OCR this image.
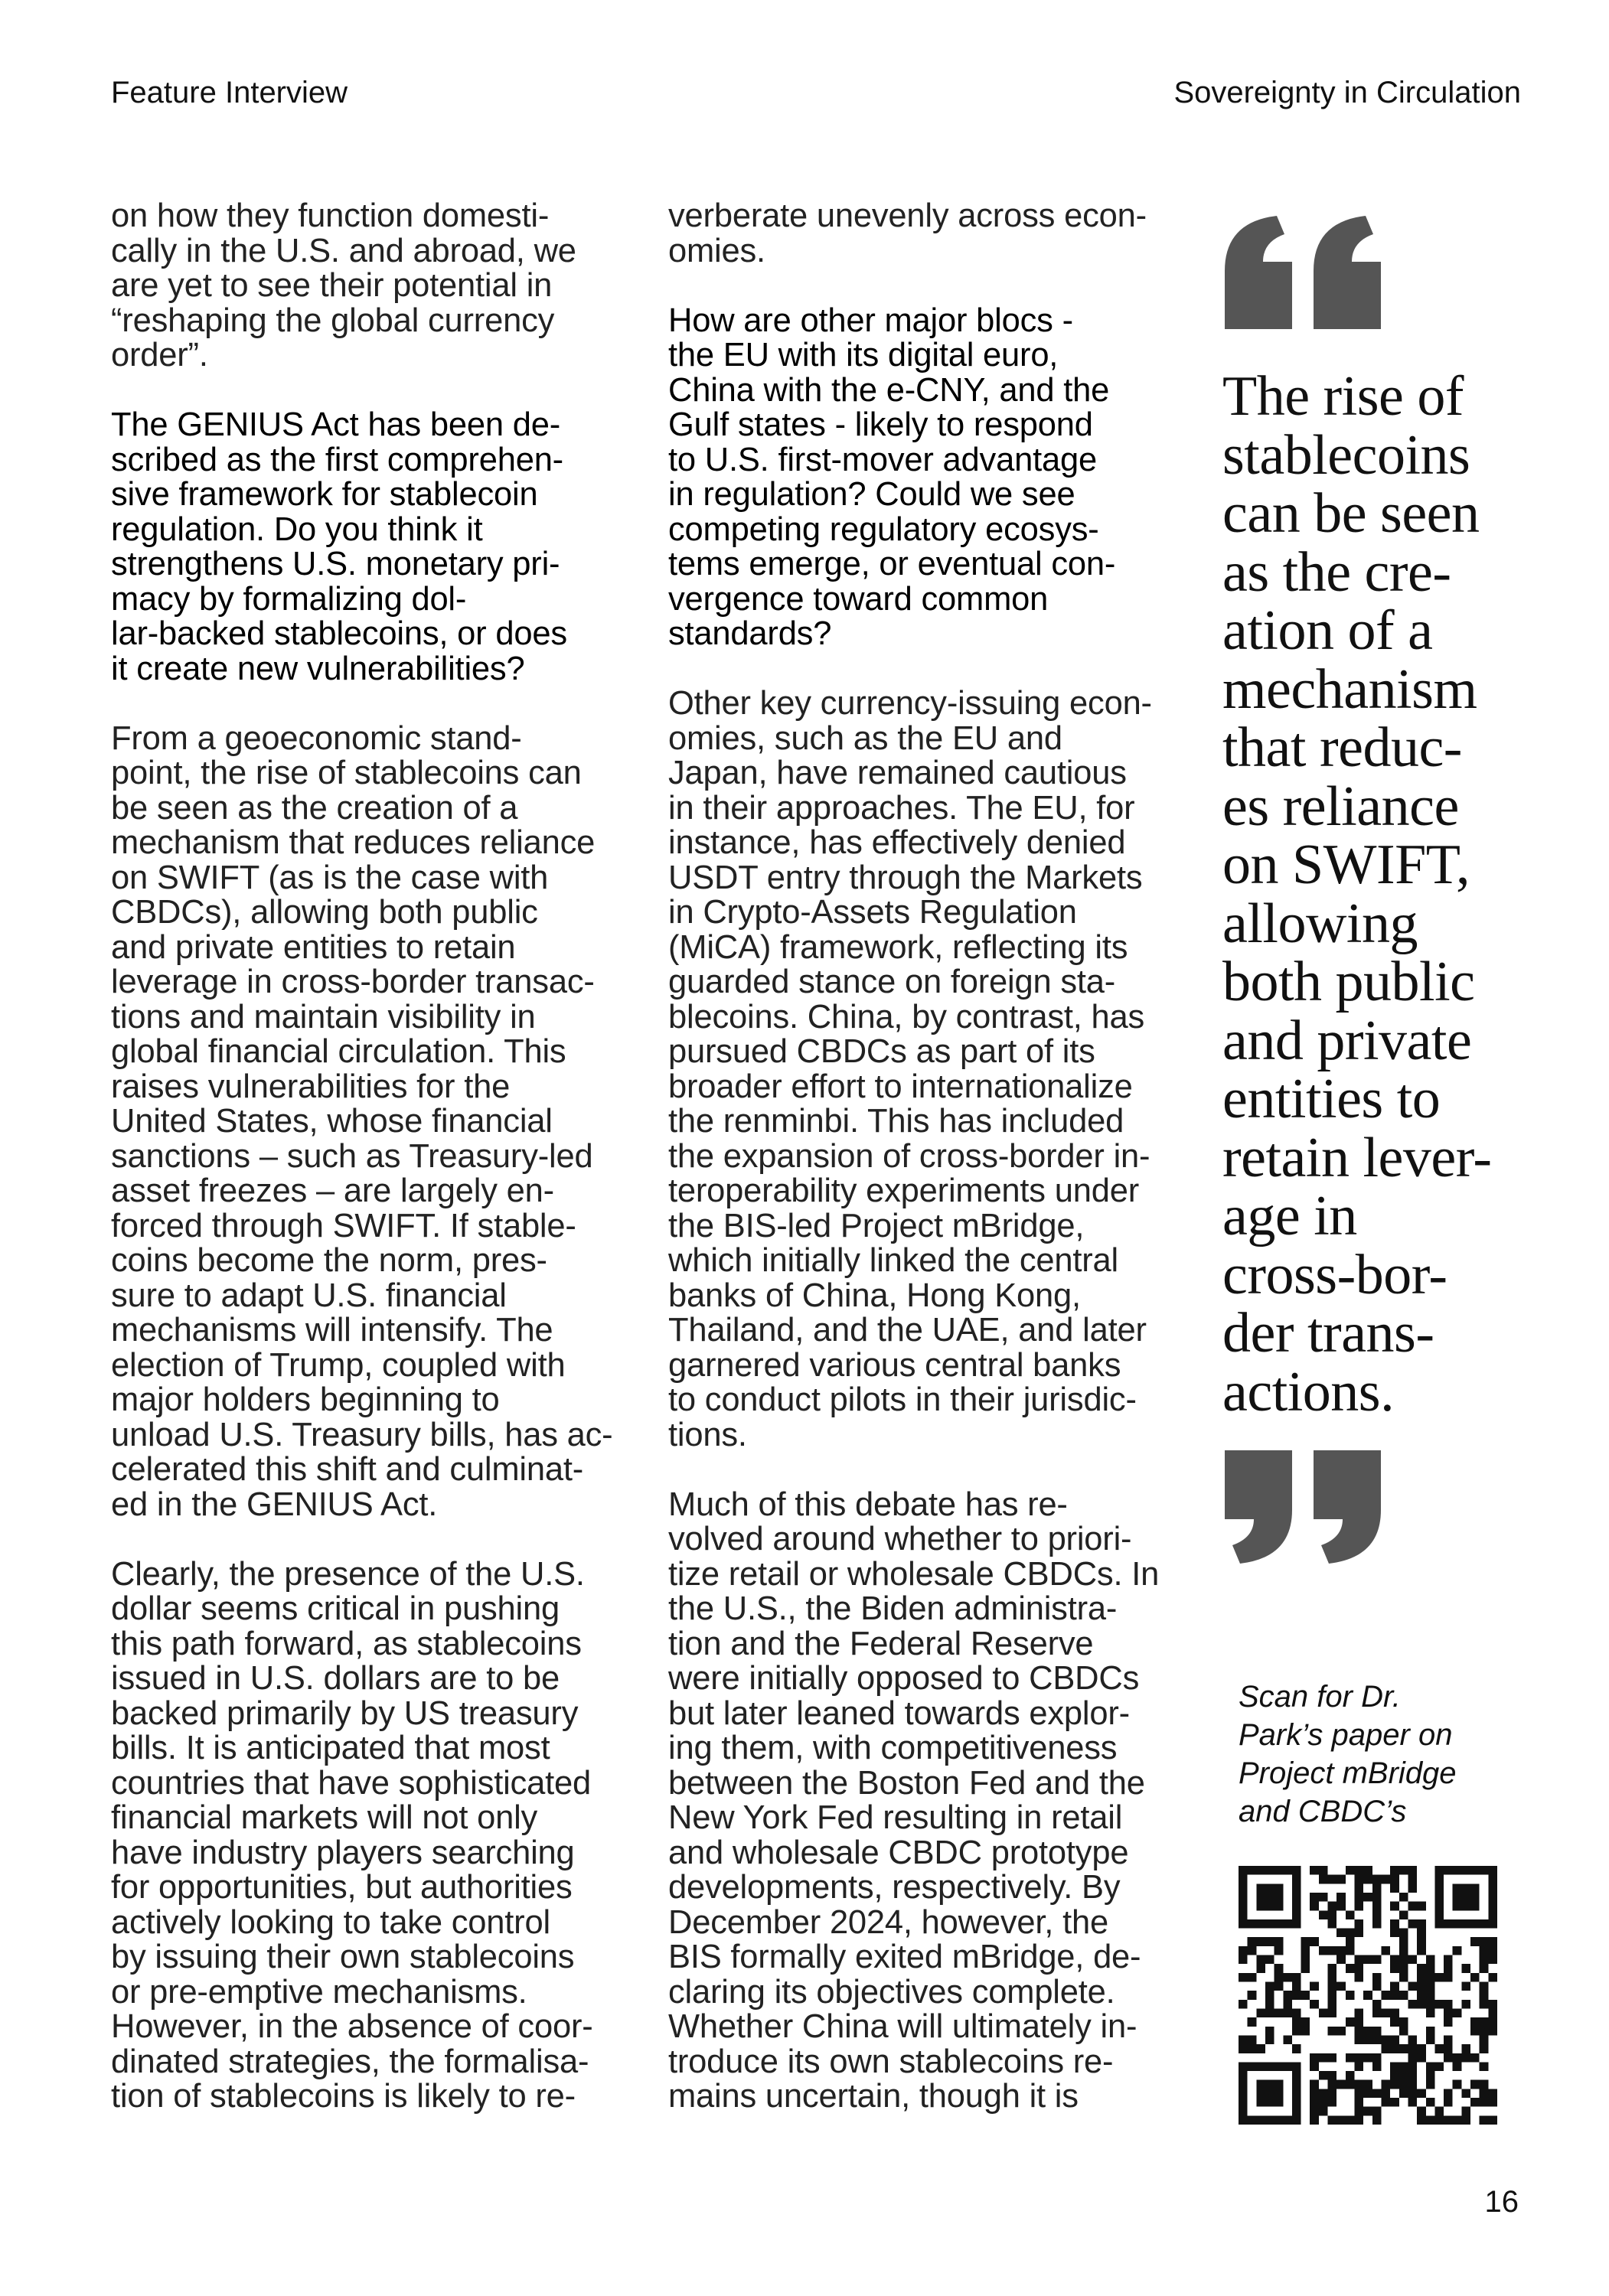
Feature Interview	Sovereignty in Circulation

on how they function domesti-
cally in the U.S. and abroad, we
are yet to see their potential in
“reshaping the global currency
order”.

The GENIUS Act has been de-
scribed as the first comprehen-
sive framework for stablecoin
regulation. Do you think it
strengthens U.S. monetary pri-
macy by formalizing dol-
lar-backed stablecoins, or does
it create new vulnerabilities?

From a geoeconomic stand-
point, the rise of stablecoins can
be seen as the creation of a
mechanism that reduces reliance
on SWIFT (as is the case with
CBDCs), allowing both public
and private entities to retain
leverage in cross-border transac-
tions and maintain visibility in
global financial circulation. This
raises vulnerabilities for the
United States, whose financial
sanctions – such as Treasury-led
asset freezes – are largely en-
forced through SWIFT. If stable-
coins become the norm, pres-
sure to adapt U.S. financial
mechanisms will intensify. The
election of Trump, coupled with
major holders beginning to
unload U.S. Treasury bills, has ac-
celerated this shift and culminat-
ed in the GENIUS Act.

Clearly, the presence of the U.S.
dollar seems critical in pushing
this path forward, as stablecoins
issued in U.S. dollars are to be
backed primarily by US treasury
bills. It is anticipated that most
countries that have sophisticated
financial markets will not only
have industry players searching
for opportunities, but authorities
actively looking to take control
by issuing their own stablecoins
or pre-emptive mechanisms.
However, in the absence of coor-
dinated strategies, the formalisa-
tion of stablecoins is likely to re-

verberate unevenly across econ-
omies.

How are other major blocs -
the EU with its digital euro,
China with the e-CNY, and the
Gulf states - likely to respond
to U.S. first-mover advantage
in regulation? Could we see
competing regulatory ecosys-
tems emerge, or eventual con-
vergence toward common
standards?

Other key currency-issuing econ-
omies, such as the EU and
Japan, have remained cautious
in their approaches. The EU, for
instance, has effectively denied
USDT entry through the Markets
in Crypto-Assets Regulation
(MiCA) framework, reflecting its
guarded stance on foreign sta-
blecoins. China, by contrast, has
pursued CBDCs as part of its
broader effort to internationalize
the renminbi. This has included
the expansion of cross-border in-
teroperability experiments under
the BIS-led Project mBridge,
which initially linked the central
banks of China, Hong Kong,
Thailand, and the UAE, and later
garnered various central banks
to conduct pilots in their jurisdic-
tions.

Much of this debate has re-
volved around whether to priori-
tize retail or wholesale CBDCs. In
the U.S., the Biden administra-
tion and the Federal Reserve
were initially opposed to CBDCs
but later leaned towards explor-
ing them, with competitiveness
between the Boston Fed and the
New York Fed resulting in retail
and wholesale CBDC prototype
developments, respectively. By
December 2024, however, the
BIS formally exited mBridge, de-
claring its objectives complete.
Whether China will ultimately in-
troduce its own stablecoins re-
mains uncertain, though it is

The rise of
stablecoins
can be seen
as the cre-
ation of a
mechanism
that reduc-
es reliance
on SWIFT,
allowing
both public
and private
entities to
retain lever-
age in
cross-bor-
der trans-
actions.
Scan for Dr.
Park’s paper on
Project mBridge
and CBDC’s
16
